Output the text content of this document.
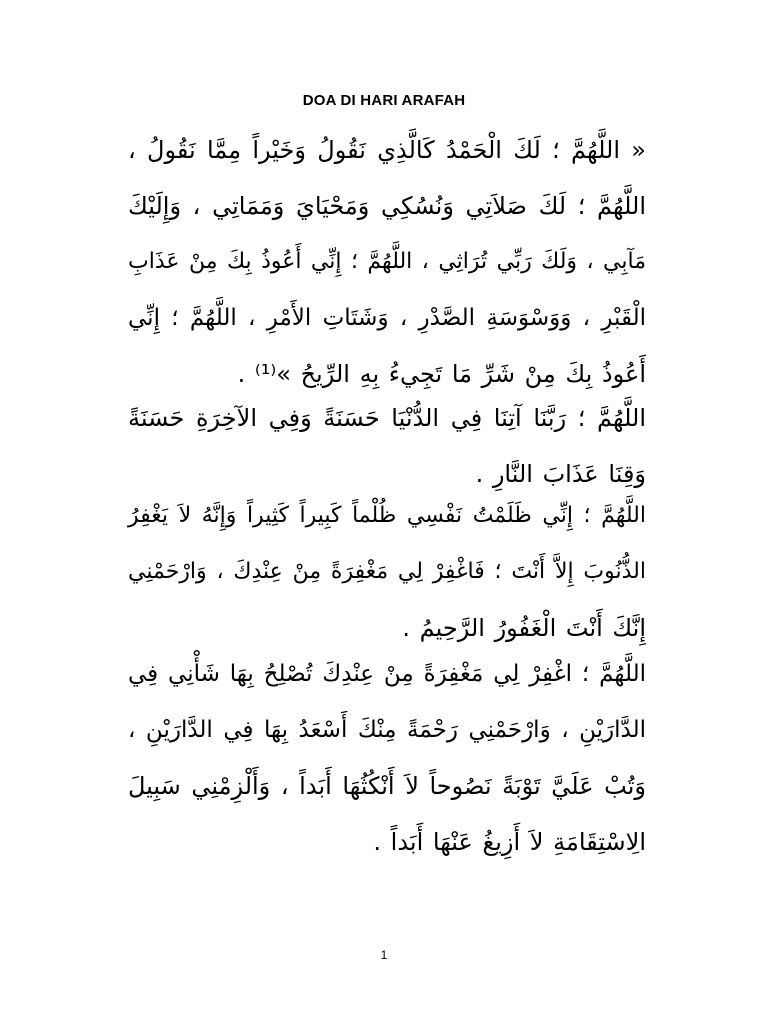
DOA DI HARI ARAFAH
« اللَّهُمَّ ؛ لَكَ الْحَمْدُ كَالَّذِي نَقُولُ وَخَيْراً مِمَّا نَقُولُ ،
اللَّهُمَّ ؛ لَكَ صَلاَتِي وَنُسُكِي وَمَحْيَايَ وَمَمَاتِي ، وَإِلَيْكَ
مَآبِي ، وَلَكَ رَبِّي تُرَاثِي ، اللَّهُمَّ ؛ إِنِّي أَعُوذُ بِكَ مِنْ عَذَابِ
الْقَبْرِ ، وَوَسْوَسَةِ الصَّدْرِ ، وَشَتَاتِ الأَمْرِ ، اللَّهُمَّ ؛ إِنِّي
أَعُوذُ بِكَ مِنْ شَرِّ مَا تَجِيءُ بِهِ الرِّيحُ »⁽¹⁾ .
اللَّهُمَّ ؛ رَبَّنَا آتِنَا فِي الدُّنْيَا حَسَنَةً وَفِي الآخِرَةِ حَسَنَةً
وَقِنَا عَذَابَ النَّارِ .
اللَّهُمَّ ؛ إِنِّي ظَلَمْتُ نَفْسِي ظُلْماً كَبِيراً كَثِيراً وَإِنَّهُ لاَ يَغْفِرُ
الذُّنُوبَ إِلاَّ أَنْتَ ؛ فَاغْفِرْ لِي مَغْفِرَةً مِنْ عِنْدِكَ ، وَارْحَمْنِي
إِنَّكَ أَنْتَ الْغَفُورُ الرَّحِيمُ .
اللَّهُمَّ ؛ اغْفِرْ لِي مَغْفِرَةً مِنْ عِنْدِكَ تُصْلِحُ بِهَا شَأْنِي فِي
الدَّارَيْنِ ، وَارْحَمْنِي رَحْمَةً مِنْكَ أَسْعَدُ بِهَا فِي الدَّارَيْنِ ،
وَتُبْ عَلَيَّ تَوْبَةً نَصُوحاً لاَ أَنْكُثُهَا أَبَداً ، وَأَلْزِمْنِي سَبِيلَ
الِاسْتِقَامَةِ لاَ أَزِيغُ عَنْهَا أَبَداً .
1
